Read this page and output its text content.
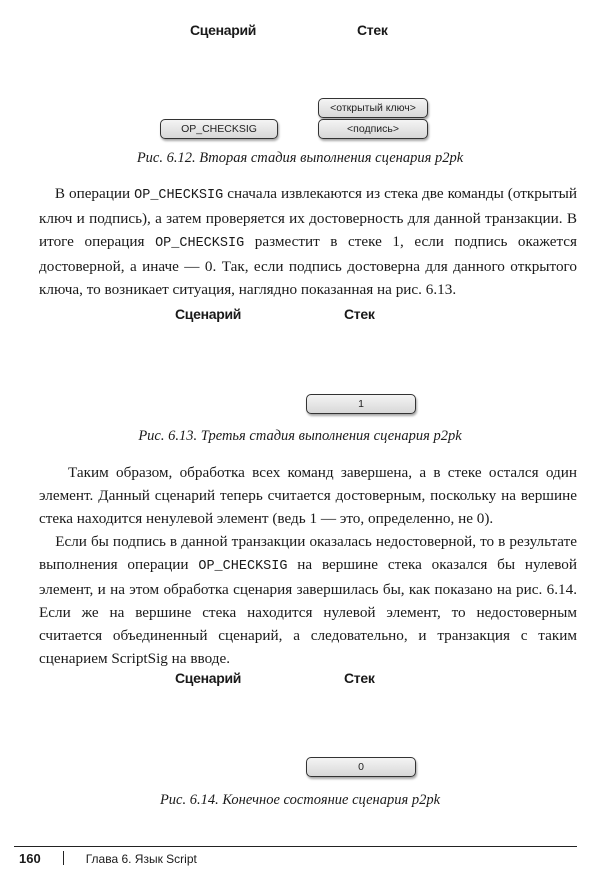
Сценарий	Стек
OP_CHECKSIG
<открытый ключ>
<подпись>
Рис. 6.12. Вторая стадия выполнения сценария p2pk

В операции OP_CHECKSIG сначала извлекаются из стека две команды (открытый ключ и подпись), а затем проверяется их достоверность для данной транзакции. В итоге операция OP_CHECKSIG разместит в стеке 1, если подпись окажется достоверной, а иначе — 0. Так, если подпись достоверна для данного открытого ключа, то возникает ситуация, наглядно показанная на рис. 6.13.

Сценарий	Стек
1
Рис. 6.13. Третья стадия выполнения сценария p2pk

Таким образом, обработка всех команд завершена, а в стеке остался один элемент. Данный сценарий теперь считается достоверным, поскольку на вершине стека находится ненулевой элемент (ведь 1 — это, определенно, не 0).

Если бы подпись в данной транзакции оказалась недостоверной, то в результате выполнения операции OP_CHECKSIG на вершине стека оказался бы нулевой элемент, и на этом обработка сценария завершилась бы, как показано на рис. 6.14. Если же на вершине стека находится нулевой элемент, то недостоверным считается объединенный сценарий, а следовательно, и транзакция с таким сценарием ScriptSig на вводе.

Сценарий	Стек
0
Рис. 6.14. Конечное состояние сценария p2pk
160	Глава 6. Язык Script
